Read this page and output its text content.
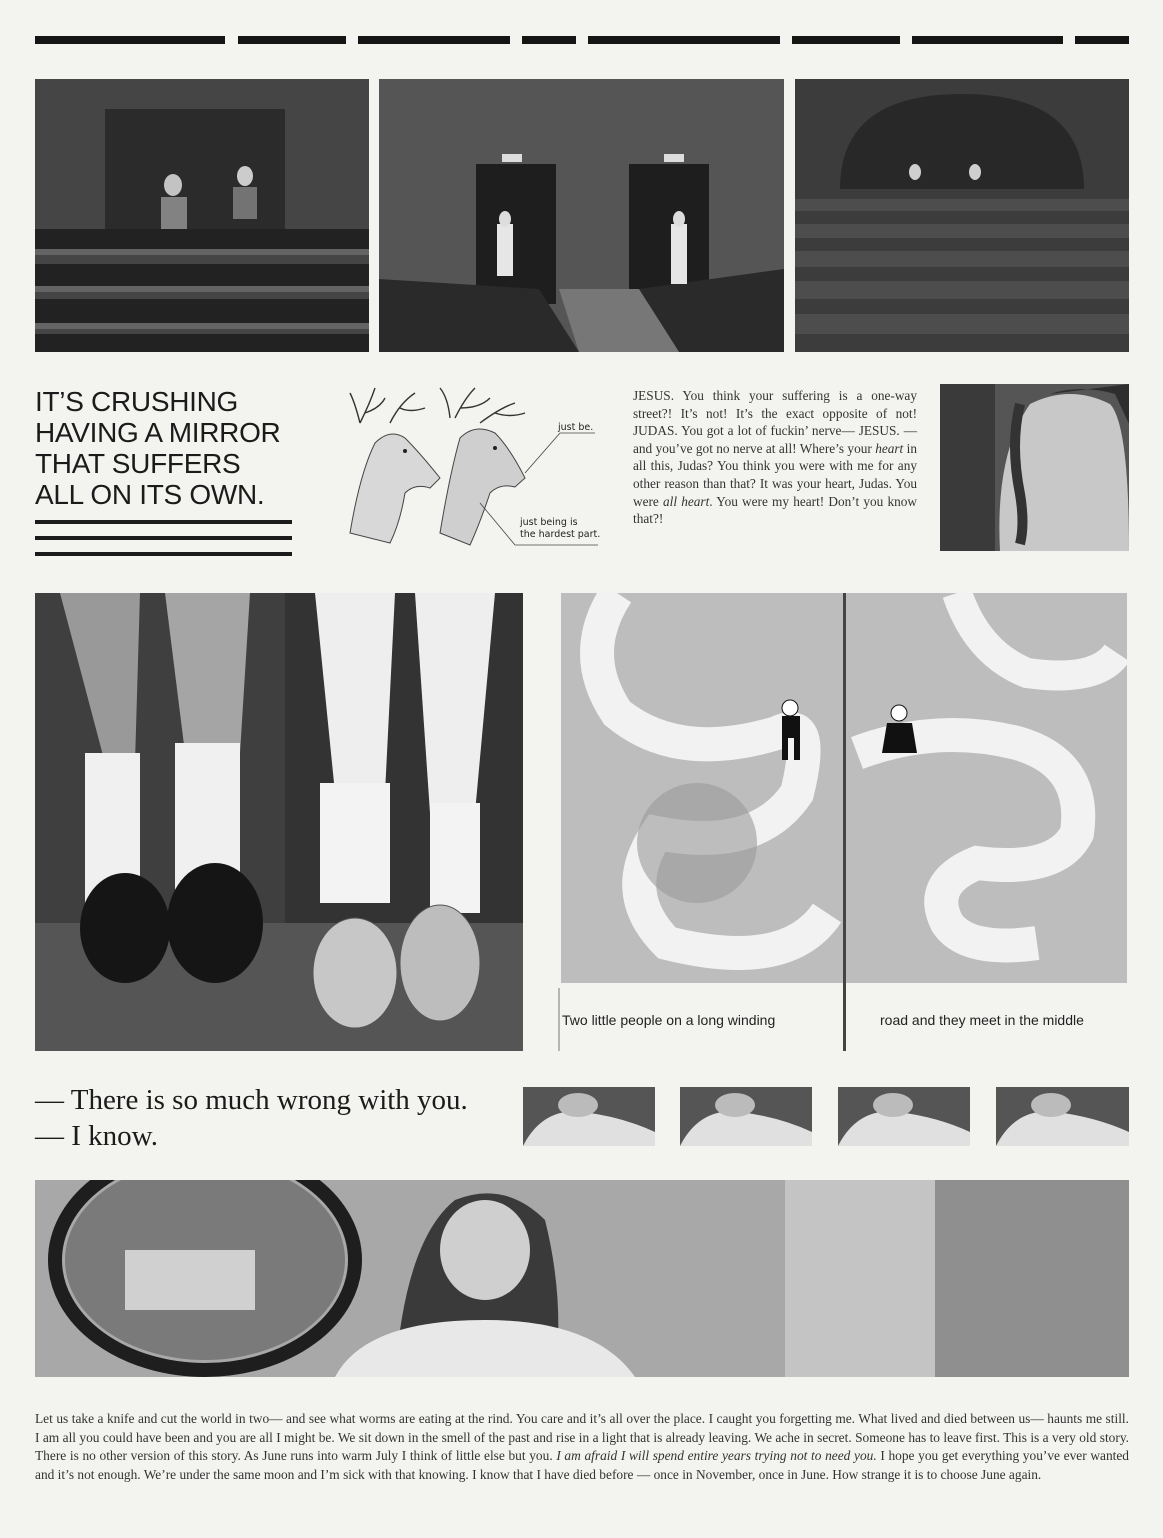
IT’S CRUSHING
HAVING A MIRROR
THAT SUFFERS
ALL ON ITS OWN.
just be.
just being is
the hardest part.
JESUS. You think your suffering is a one-way street?! It’s not! It’s the exact opposite of not! JUDAS. You got a lot of fuckin’ nerve— JESUS. —and you’ve got no nerve at all! Where’s your heart in all this, Judas? You think you were with me for any other reason than that? It was your heart, Judas. You were all heart. You were my heart! Don’t you know that?!
Two little people on a long winding	road and they meet in the middle
— There is so much wrong with you.
— I know.
Let us take a knife and cut the world in two— and see what worms are eating at the rind. You care and it’s all over the place. I caught you forgetting me. What lived and died between us— haunts me still. I am all you could have been and you are all I might be. We sit down in the smell of the past and rise in a light that is already leaving. We ache in secret. Someone has to leave first. This is a very old story. There is no other version of this story. As June runs into warm July I think of little else but you. I am afraid I will spend entire years trying not to need you. I hope you get everything you’ve ever wanted and it’s not enough. We’re under the same moon and I’m sick with that knowing. I know that I have died before — once in November, once in June. How strange it is to choose June again.
